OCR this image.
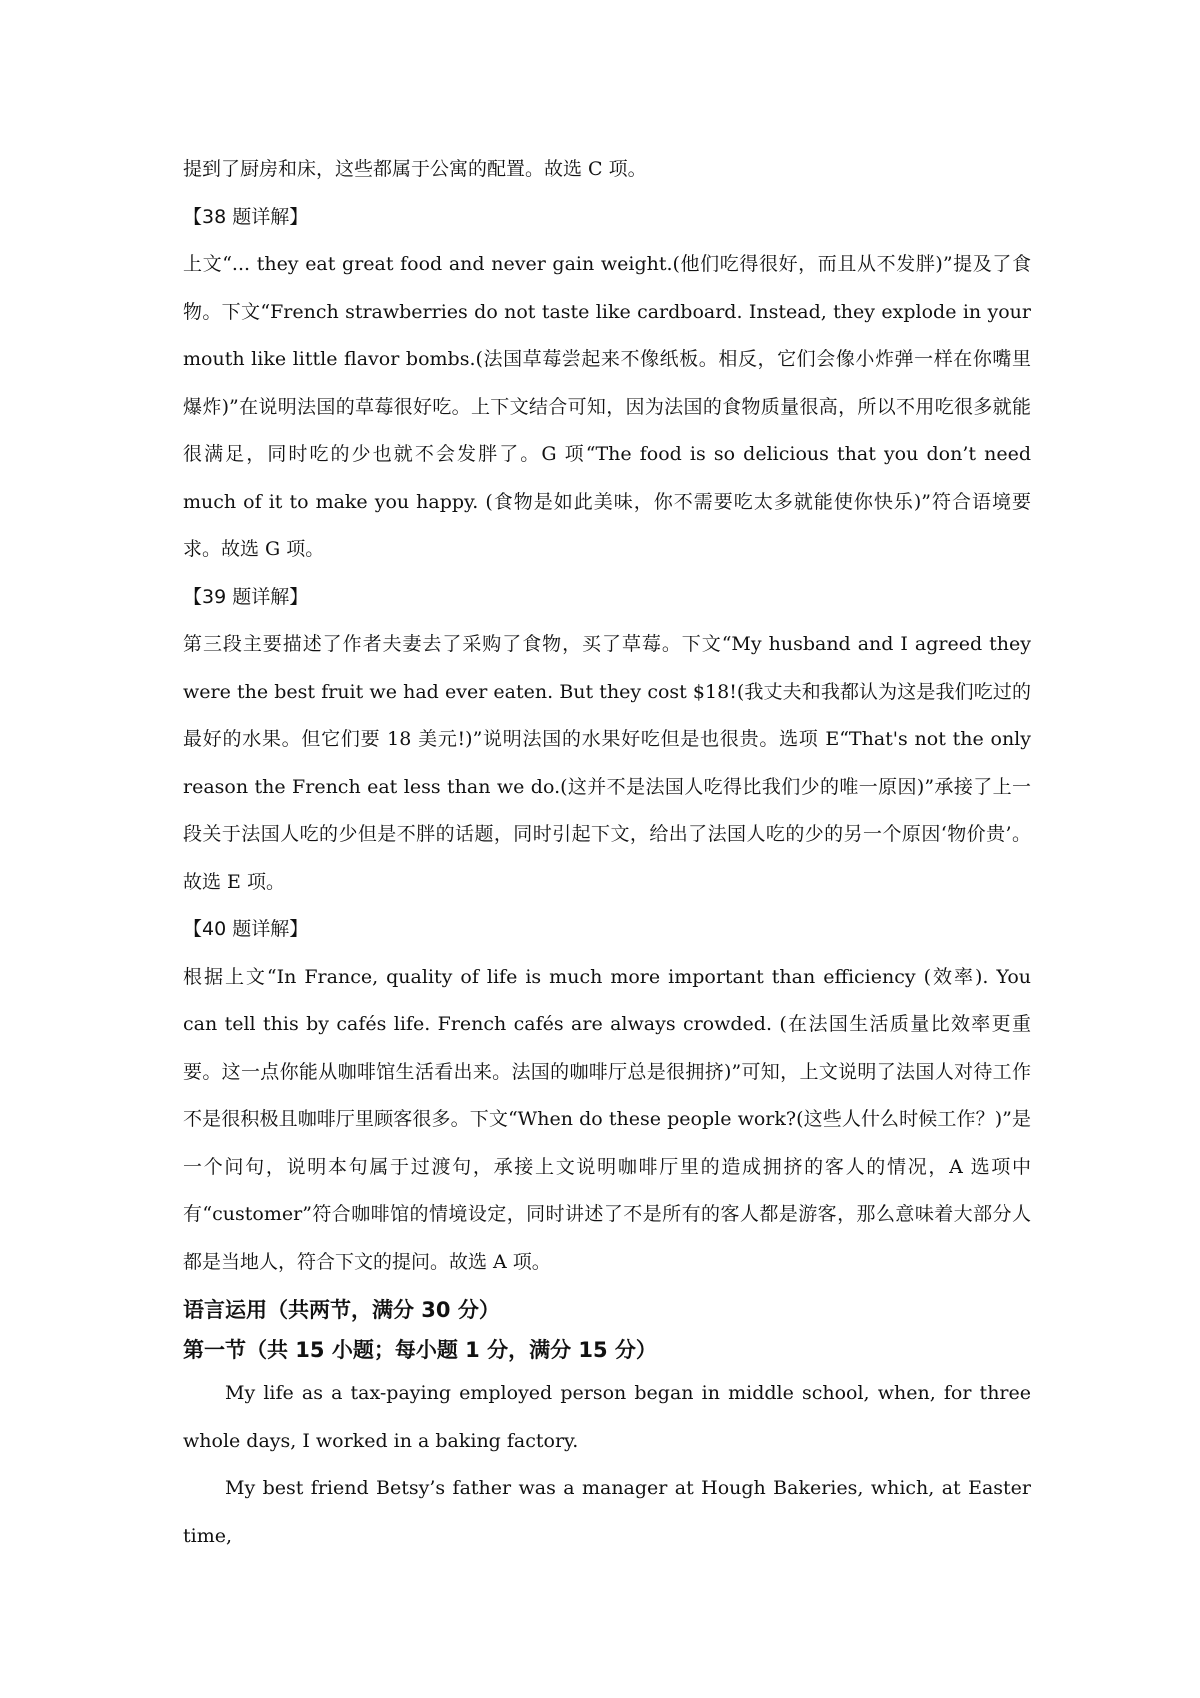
提到了厨房和床，这些都属于公寓的配置。故选 C 项。

【38 题详解】

上文“... they eat great food and never gain weight.(他们吃得很好，而且从不发胖)”提及了食物。下文“French strawberries do not taste like cardboard. Instead, they explode in your mouth like little flavor bombs.(法国草莓尝起来不像纸板。相反，它们会像小炸弹一样在你嘴里爆炸)”在说明法国的草莓很好吃。上下文结合可知，因为法国的食物质量很高，所以不用吃很多就能很满足，同时吃的少也就不会发胖了。G 项“The food is so delicious that you don’t need much of it to make you happy. (食物是如此美味，你不需要吃太多就能使你快乐)”符合语境要求。故选 G 项。

【39 题详解】

第三段主要描述了作者夫妻去了采购了食物，买了草莓。下文“My husband and I agreed they were the best fruit we had ever eaten. But they cost $18!(我丈夫和我都认为这是我们吃过的最好的水果。但它们要 18 美元!)”说明法国的水果好吃但是也很贵。选项 E“That's not the only reason the French eat less than we do.(这并不是法国人吃得比我们少的唯一原因)”承接了上一段关于法国人吃的少但是不胖的话题，同时引起下文，给出了法国人吃的少的另一个原因‘物价贵’。故选 E 项。

【40 题详解】

根据上文“In France, quality of life is much more important than efficiency (效率). You can tell this by cafés life. French cafés are always crowded. (在法国生活质量比效率更重要。这一点你能从咖啡馆生活看出来。法国的咖啡厅总是很拥挤)”可知，上文说明了法国人对待工作不是很积极且咖啡厅里顾客很多。下文“When do these people work?(这些人什么时候工作？)”是一个问句，说明本句属于过渡句，承接上文说明咖啡厅里的造成拥挤的客人的情况，A 选项中有“customer”符合咖啡馆的情境设定，同时讲述了不是所有的客人都是游客，那么意味着大部分人都是当地人，符合下文的提问。故选 A 项。

语言运用（共两节，满分 30 分）

第一节（共 15 小题；每小题 1 分，满分 15 分）

My life as a tax-paying employed person began in middle school, when, for three whole days, I worked in a baking factory.

My best friend Betsy’s father was a manager at Hough Bakeries, which, at Easter time,
